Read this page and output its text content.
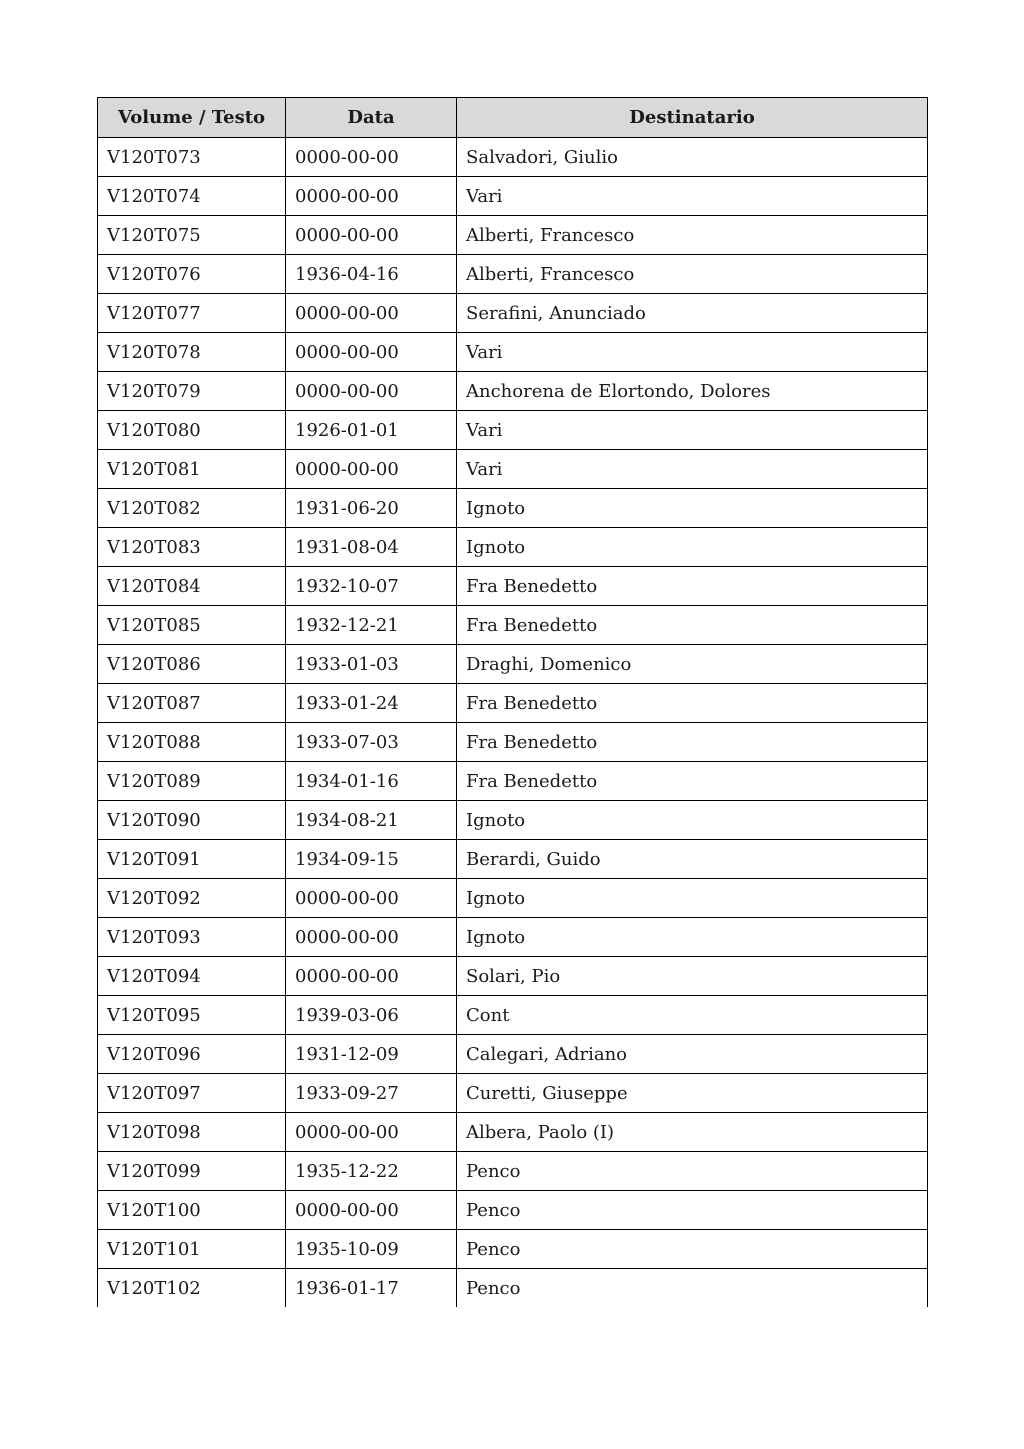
Volume / Testo	Data	Destinatario
V120T073	0000-00-00	Salvadori, Giulio
V120T074	0000-00-00	Vari
V120T075	0000-00-00	Alberti, Francesco
V120T076	1936-04-16	Alberti, Francesco
V120T077	0000-00-00	Serafini, Anunciado
V120T078	0000-00-00	Vari
V120T079	0000-00-00	Anchorena de Elortondo, Dolores
V120T080	1926-01-01	Vari
V120T081	0000-00-00	Vari
V120T082	1931-06-20	Ignoto
V120T083	1931-08-04	Ignoto
V120T084	1932-10-07	Fra Benedetto
V120T085	1932-12-21	Fra Benedetto
V120T086	1933-01-03	Draghi, Domenico
V120T087	1933-01-24	Fra Benedetto
V120T088	1933-07-03	Fra Benedetto
V120T089	1934-01-16	Fra Benedetto
V120T090	1934-08-21	Ignoto
V120T091	1934-09-15	Berardi, Guido
V120T092	0000-00-00	Ignoto
V120T093	0000-00-00	Ignoto
V120T094	0000-00-00	Solari, Pio
V120T095	1939-03-06	Cont
V120T096	1931-12-09	Calegari, Adriano
V120T097	1933-09-27	Curetti, Giuseppe
V120T098	0000-00-00	Albera, Paolo (I)
V120T099	1935-12-22	Penco
V120T100	0000-00-00	Penco
V120T101	1935-10-09	Penco
V120T102	1936-01-17	Penco
